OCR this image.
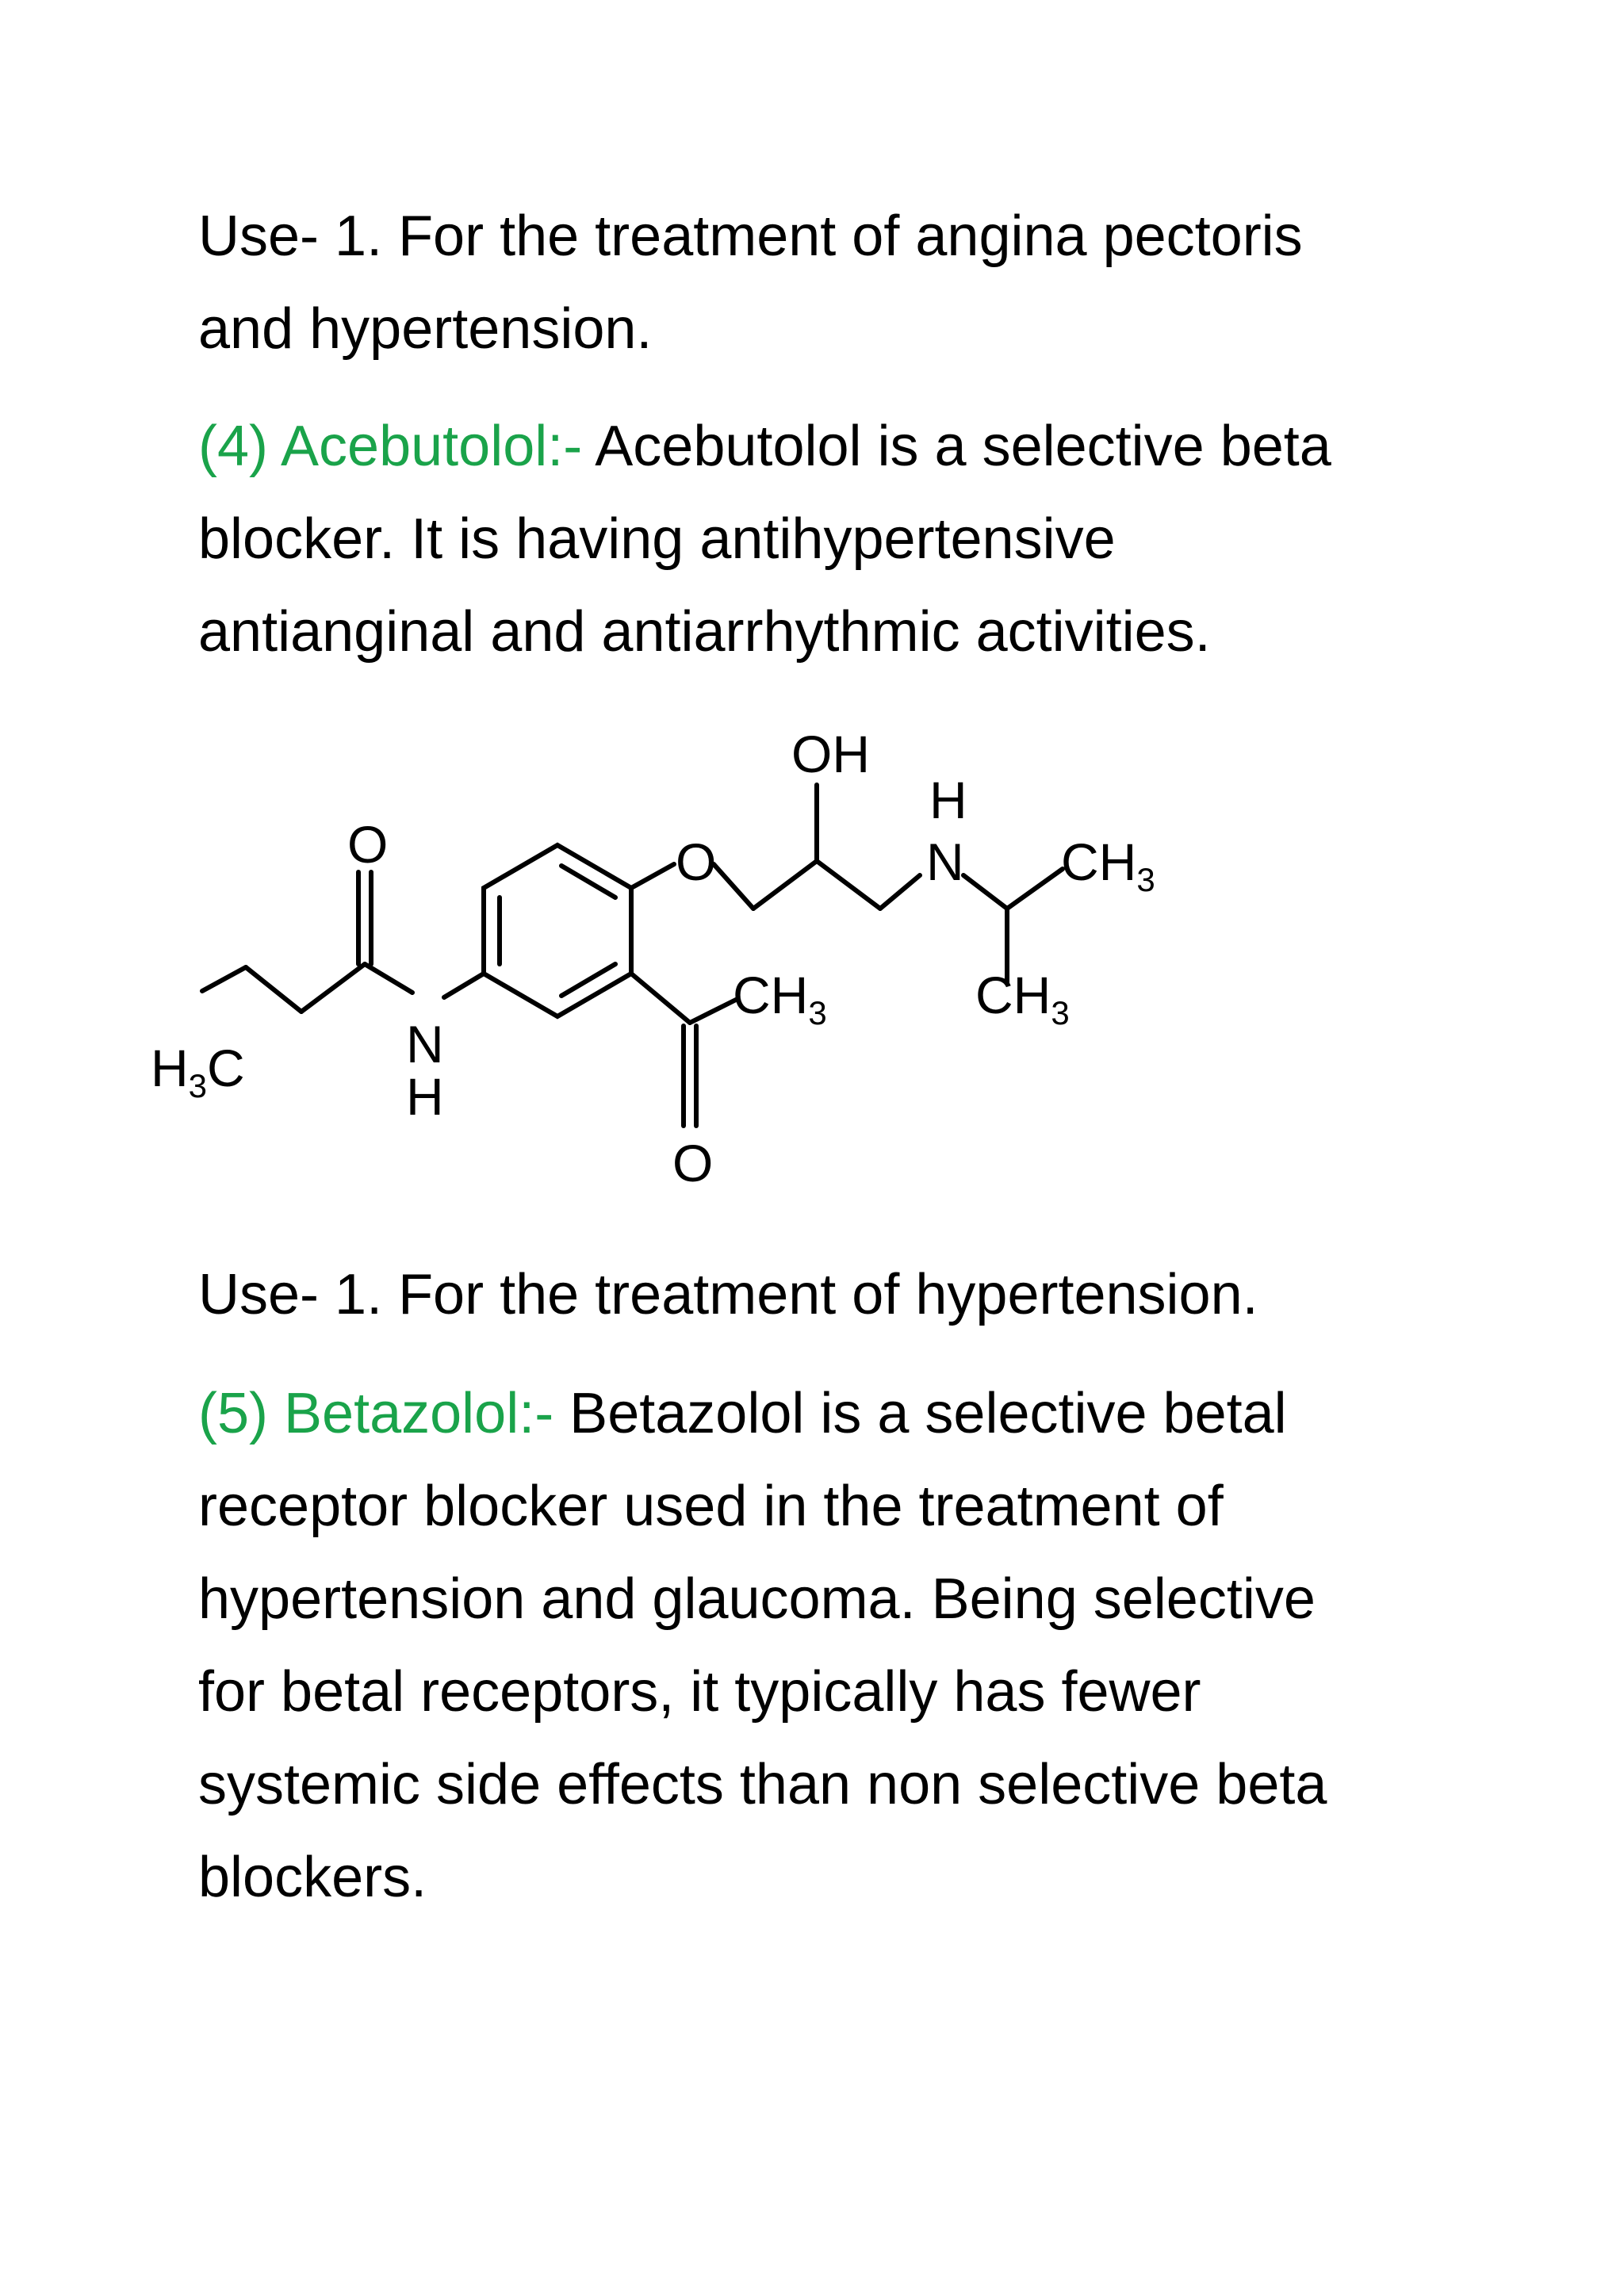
Use- 1. For the treatment of angina pectoris
and hypertension.

(4) Acebutolol:- Acebutolol is a selective beta
blocker. It is having antihypertensive
antianginal and antiarrhythmic activities.

OH
H
N
O	$CH_3$
$CH_3$	$CH_3$
O
$H_3C$	N
H
O

Use- 1. For the treatment of hypertension.

(5) Betazolol:- Betazolol is a selective betal
receptor blocker used in the treatment of
hypertension and glaucoma. Being selective
for betal receptors, it typically has fewer
systemic side effects than non selective beta
blockers.
